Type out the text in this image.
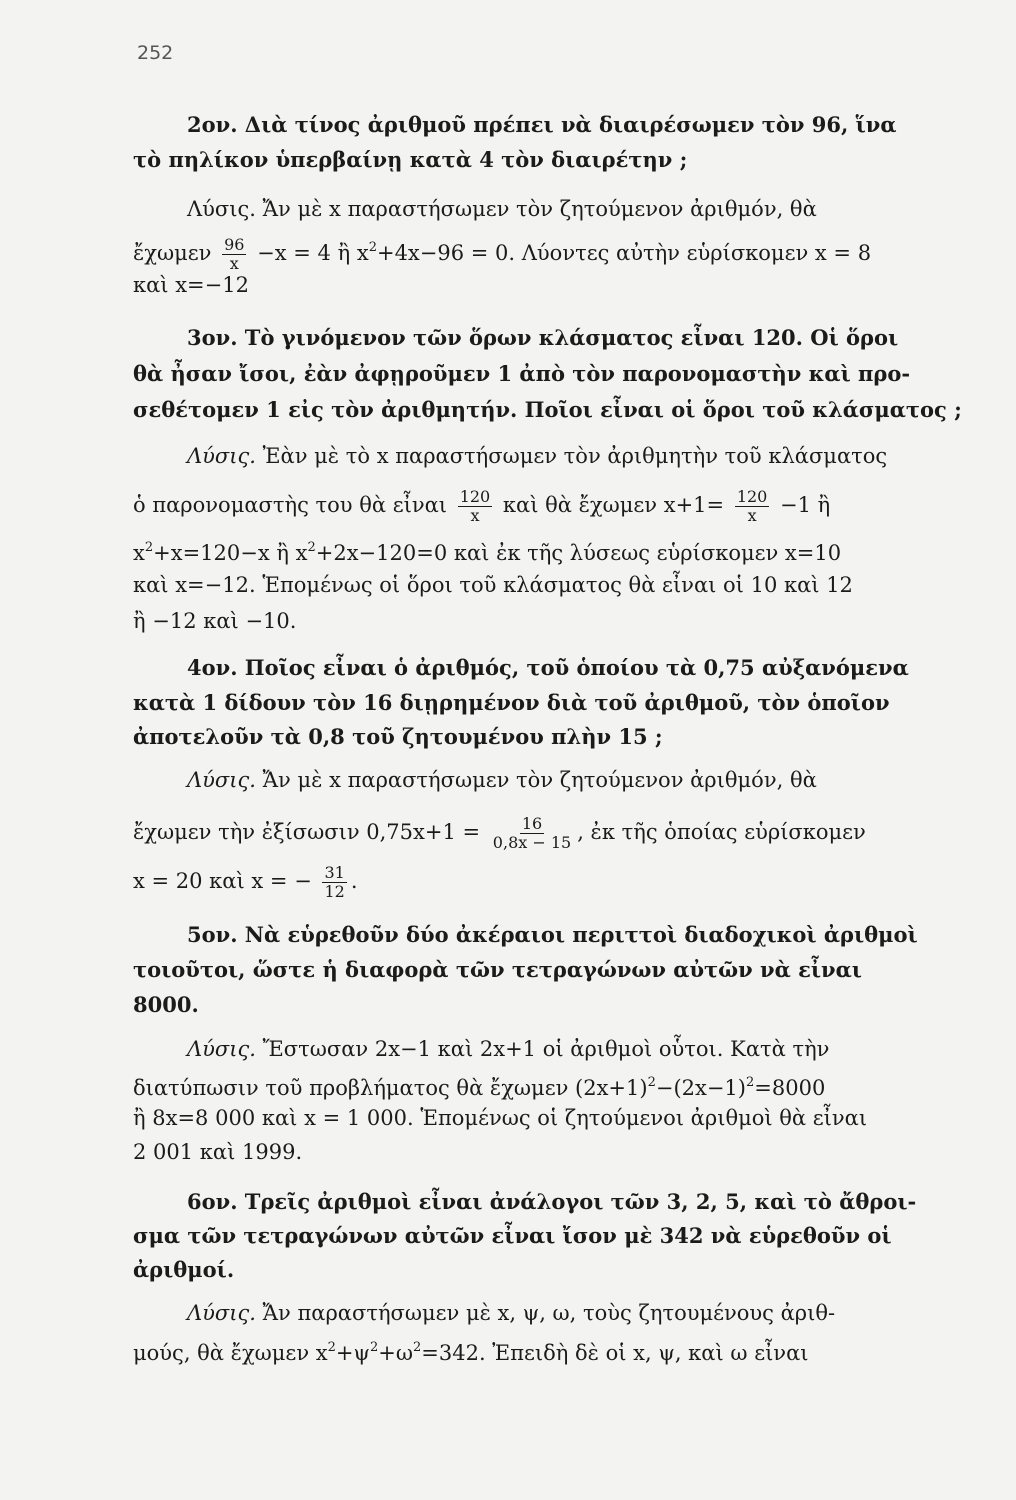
252
2ον. Διὰ τίνος ἀριθμοῦ πρέπει νὰ διαιρέσωμεν τὸν 96, ἵνα
τὸ πηλίκον ὑπερβαίνῃ κατὰ 4 τὸν διαιρέτην ;
Λύσις. Ἄν μὲ x παραστήσωμεν τὸν ζητούμενον ἀριθμόν, θὰ
ἔχωμεν $\frac{96}{x} -x = 4$ ἢ $x^2+4x-96 = 0$. Λύοντες αὐτὴν εὑρίσκομεν x = 8
καὶ x=−12
3ον. Τὸ γινόμενον τῶν ὅρων κλάσματος εἶναι 120. Οἱ ὅροι
θὰ ἦσαν ἴσοι, ἐὰν ἀφῃροῦμεν 1 ἀπὸ τὸν παρονομαστὴν καὶ προ-
σεθέτομεν 1 εἰς τὸν ἀριθμητήν. Ποῖοι εἶναι οἱ ὅροι τοῦ κλάσματος ;
Λύσις. Ἐὰν μὲ τὸ x παραστήσωμεν τὸν ἀριθμητὴν τοῦ κλάσματος
ὁ παρονομαστὴς του θὰ εἶναι $\frac{120}{x}$ καὶ θὰ ἔχωμεν $x+1= \frac{120}{x} -1$ ἢ
$x^2+x=120-x$ ἢ $x^2+2x-120=0$ καὶ ἐκ τῆς λύσεως εὑρίσκομεν x=10
καὶ x=−12. Ἑπομένως οἱ ὅροι τοῦ κλάσματος θὰ εἶναι οἱ 10 καὶ 12
ἢ −12 καὶ −10.
4ον. Ποῖος εἶναι ὁ ἀριθμός, τοῦ ὁποίου τὰ 0,75 αὐξανόμενα
κατὰ 1 δίδουν τὸν 16 διῃρημένον διὰ τοῦ ἀριθμοῦ, τὸν ὁποῖον
ἀποτελοῦν τὰ 0,8 τοῦ ζητουμένου πλὴν 15 ;
Λύσις. Ἄν μὲ x παραστήσωμεν τὸν ζητούμενον ἀριθμόν, θὰ
ἔχωμεν τὴν ἐξίσωσιν $0,75x+1 = \frac{16}{0,8x - 15}$ , ἐκ τῆς ὁποίας εὑρίσκομεν
x = 20 καὶ x = − $\frac{31}{12}$ .
5ον. Νὰ εὑρεθοῦν δύο ἀκέραιοι περιττοὶ διαδοχικοὶ ἀριθμοὶ
τοιοῦτοι, ὥστε ἡ διαφορὰ τῶν τετραγώνων αὐτῶν νὰ εἶναι
8000.
Λύσις. Ἔστωσαν 2x−1 καὶ 2x+1 οἱ ἀριθμοὶ οὗτοι. Κατὰ τὴν
διατύπωσιν τοῦ προβλήματος θὰ ἔχωμεν $(2x+1)^2-(2x-1)^2=8000$
ἢ 8x=8 000 καὶ x = 1 000. Ἑπομένως οἱ ζητούμενοι ἀριθμοὶ θὰ εἶναι
2 001 καὶ 1999.
6ον. Τρεῖς ἀριθμοὶ εἶναι ἀνάλογοι τῶν 3, 2, 5, καὶ τὸ ἄθροι-
σμα τῶν τετραγώνων αὐτῶν εἶναι ἴσον μὲ 342 νὰ εὑρεθοῦν οἱ
ἀριθμοί.
Λύσις. Ἄν παραστήσωμεν μὲ x, ψ, ω, τοὺς ζητουμένους ἀριθ-
μούς, θὰ ἔχωμεν $x^2+\psi^2+\omega^2=342$. Ἐπειδὴ δὲ οἱ x, ψ, καὶ ω εἶναι
